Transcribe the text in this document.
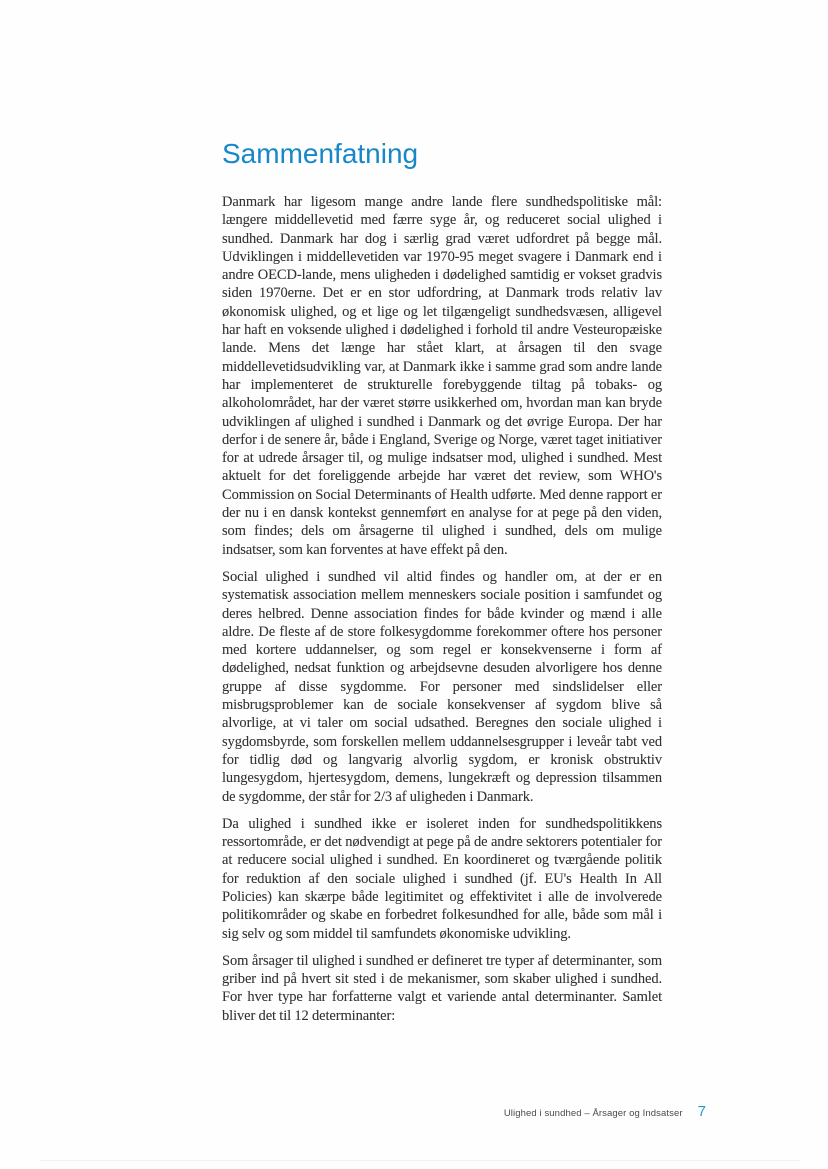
Sammenfatning

Danmark har ligesom mange andre lande flere sundhedspolitiske mål: længere middellevetid med færre syge år, og reduceret social ulighed i sundhed. Danmark har dog i særlig grad været udfordret på begge mål. Udviklingen i middellevetiden var 1970-95 meget svagere i Danmark end i andre OECD-lande, mens uligheden i dødelighed samtidig er vokset gradvis siden 1970erne. Det er en stor udfordring, at Danmark trods relativ lav økonomisk ulighed, og et lige og let tilgængeligt sundhedsvæsen, alligevel har haft en voksende ulighed i dødelighed i forhold til andre Vesteuropæiske lande. Mens det længe har stået klart, at årsagen til den svage middellevetidsudvikling var, at Danmark ikke i samme grad som andre lande har implementeret de strukturelle forebyggende tiltag på tobaks- og alkoholområdet, har der været større usikkerhed om, hvordan man kan bryde udviklingen af ulighed i sundhed i Danmark og det øvrige Europa. Der har derfor i de senere år, både i England, Sverige og Norge, været taget initiativer for at udrede årsager til, og mulige indsatser mod, ulighed i sundhed. Mest aktuelt for det foreliggende arbejde har været det review, som WHO's Commission on Social Determinants of Health udførte. Med denne rapport er der nu i en dansk kontekst gennemført en analyse for at pege på den viden, som findes; dels om årsagerne til ulighed i sundhed, dels om mulige indsatser, som kan forventes at have effekt på den.

Social ulighed i sundhed vil altid findes og handler om, at der er en systematisk association mellem menneskers sociale position i samfundet og deres helbred. Denne association findes for både kvinder og mænd i alle aldre. De fleste af de store folkesygdomme forekommer oftere hos personer med kortere uddannelser, og som regel er konsekvenserne i form af dødelighed, nedsat funktion og arbejdsevne desuden alvorligere hos denne gruppe af disse sygdomme. For personer med sindslidelser eller misbrugsproblemer kan de sociale konsekvenser af sygdom blive så alvorlige, at vi taler om social udsathed. Beregnes den sociale ulighed i sygdomsbyrde, som forskellen mellem uddannelsesgrupper i leveår tabt ved for tidlig død og langvarig alvorlig sygdom, er kronisk obstruktiv lungesygdom, hjertesygdom, demens, lungekræft og depression tilsammen de sygdomme, der står for 2/3 af uligheden i Danmark.

Da ulighed i sundhed ikke er isoleret inden for sundhedspolitikkens ressortområde, er det nødvendigt at pege på de andre sektorers potentialer for at reducere social ulighed i sundhed. En koordineret og tværgående politik for reduktion af den sociale ulighed i sundhed (jf. EU's Health In All Policies) kan skærpe både legitimitet og effektivitet i alle de involverede politikområder og skabe en forbedret folkesundhed for alle, både som mål i sig selv og som middel til samfundets økonomiske udvikling.

Som årsager til ulighed i sundhed er defineret tre typer af determinanter, som griber ind på hvert sit sted i de mekanismer, som skaber ulighed i sundhed. For hver type har forfatterne valgt et variende antal determinanter. Samlet bliver det til 12 determinanter:

Ulighed i sundhed – Årsager og Indsatser 7
